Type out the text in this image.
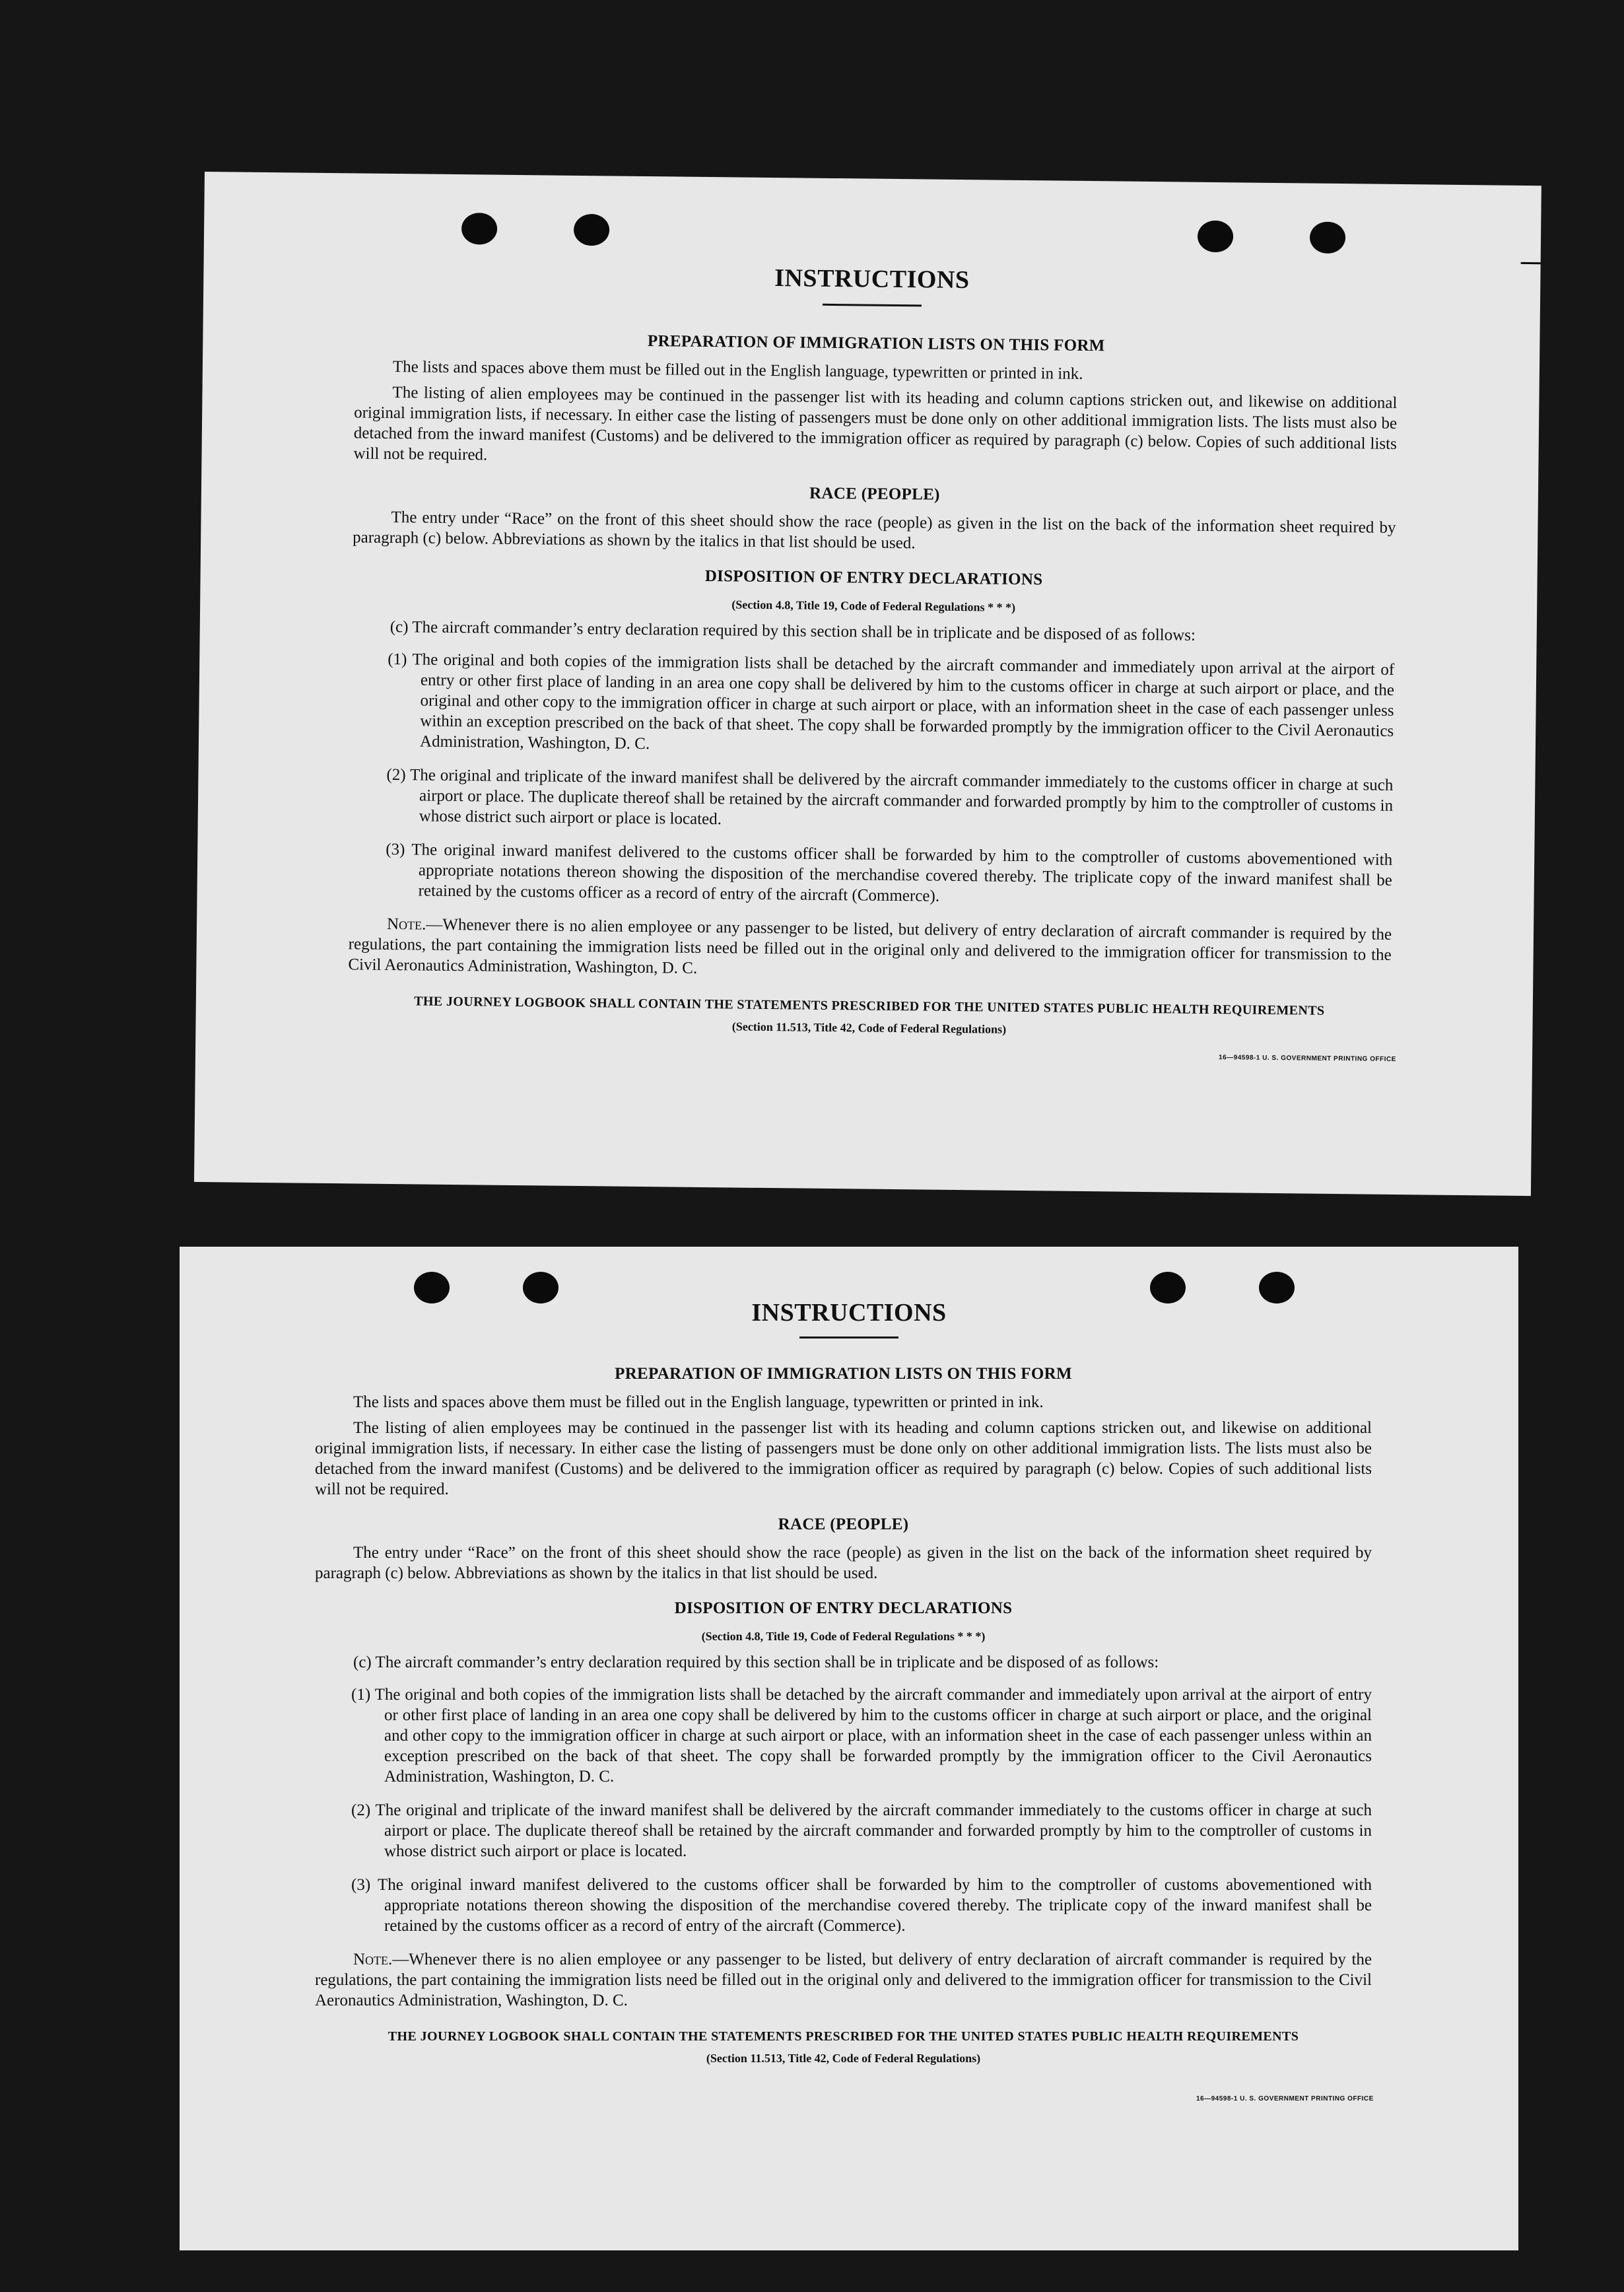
INSTRUCTIONS
PREPARATION OF IMMIGRATION LISTS ON THIS FORM

The lists and spaces above them must be filled out in the English language, typewritten or printed in ink.

The listing of alien employees may be continued in the passenger list with its heading and column captions stricken out, and likewise on additional original immigration lists, if necessary. In either case the listing of passengers must be done only on other additional immigration lists. The lists must also be detached from the inward manifest (Customs) and be delivered to the immigration officer as required by paragraph (c) below. Copies of such additional lists will not be required.

RACE (PEOPLE)

The entry under “Race” on the front of this sheet should show the race (people) as given in the list on the back of the information sheet required by paragraph (c) below. Abbreviations as shown by the italics in that list should be used.

DISPOSITION OF ENTRY DECLARATIONS
(Section 4.8, Title 19, Code of Federal Regulations * * *)
(c) The aircraft commander’s entry declaration required by this section shall be in triplicate and be disposed of as follows:
(1) The original and both copies of the immigration lists shall be detached by the aircraft commander and immediately upon arrival at the airport of entry or other first place of landing in an area one copy shall be delivered by him to the customs officer in charge at such airport or place, and the original and other copy to the immigration officer in charge at such airport or place, with an information sheet in the case of each passenger unless within an exception prescribed on the back of that sheet. The copy shall be forwarded promptly by the immigration officer to the Civil Aeronautics Administration, Washington, D. C.
(2) The original and triplicate of the inward manifest shall be delivered by the aircraft commander immediately to the customs officer in charge at such airport or place. The duplicate thereof shall be retained by the aircraft commander and forwarded promptly by him to the comptroller of customs in whose district such airport or place is located.
(3) The original inward manifest delivered to the customs officer shall be forwarded by him to the comptroller of customs abovementioned with appropriate notations thereon showing the disposition of the merchandise covered thereby. The triplicate copy of the inward manifest shall be retained by the customs officer as a record of entry of the aircraft (Commerce).

Note.—Whenever there is no alien employee or any passenger to be listed, but delivery of entry declaration of aircraft commander is required by the regulations, the part containing the immigration lists need be filled out in the original only and delivered to the immigration officer for transmission to the Civil Aeronautics Administration, Washington, D. C.

THE JOURNEY LOGBOOK SHALL CONTAIN THE STATEMENTS PRESCRIBED FOR THE UNITED STATES PUBLIC HEALTH REQUIREMENTS
(Section 11.513, Title 42, Code of Federal Regulations)
16—94598-1 U. S. GOVERNMENT PRINTING OFFICE
INSTRUCTIONS
PREPARATION OF IMMIGRATION LISTS ON THIS FORM

The lists and spaces above them must be filled out in the English language, typewritten or printed in ink.

The listing of alien employees may be continued in the passenger list with its heading and column captions stricken out, and likewise on additional original immigration lists, if necessary. In either case the listing of passengers must be done only on other additional immigration lists. The lists must also be detached from the inward manifest (Customs) and be delivered to the immigration officer as required by paragraph (c) below. Copies of such additional lists will not be required.

RACE (PEOPLE)

The entry under “Race” on the front of this sheet should show the race (people) as given in the list on the back of the information sheet required by paragraph (c) below. Abbreviations as shown by the italics in that list should be used.

DISPOSITION OF ENTRY DECLARATIONS
(Section 4.8, Title 19, Code of Federal Regulations * * *)
(c) The aircraft commander’s entry declaration required by this section shall be in triplicate and be disposed of as follows:
(1) The original and both copies of the immigration lists shall be detached by the aircraft commander and immediately upon arrival at the airport of entry or other first place of landing in an area one copy shall be delivered by him to the customs officer in charge at such airport or place, and the original and other copy to the immigration officer in charge at such airport or place, with an information sheet in the case of each passenger unless within an exception prescribed on the back of that sheet. The copy shall be forwarded promptly by the immigration officer to the Civil Aeronautics Administration, Washington, D. C.
(2) The original and triplicate of the inward manifest shall be delivered by the aircraft commander immediately to the customs officer in charge at such airport or place. The duplicate thereof shall be retained by the aircraft commander and forwarded promptly by him to the comptroller of customs in whose district such airport or place is located.
(3) The original inward manifest delivered to the customs officer shall be forwarded by him to the comptroller of customs abovementioned with appropriate notations thereon showing the disposition of the merchandise covered thereby. The triplicate copy of the inward manifest shall be retained by the customs officer as a record of entry of the aircraft (Commerce).

Note.—Whenever there is no alien employee or any passenger to be listed, but delivery of entry declaration of aircraft commander is required by the regulations, the part containing the immigration lists need be filled out in the original only and delivered to the immigration officer for transmission to the Civil Aeronautics Administration, Washington, D. C.

THE JOURNEY LOGBOOK SHALL CONTAIN THE STATEMENTS PRESCRIBED FOR THE UNITED STATES PUBLIC HEALTH REQUIREMENTS
(Section 11.513, Title 42, Code of Federal Regulations)
16—94598-1 U. S. GOVERNMENT PRINTING OFFICE
